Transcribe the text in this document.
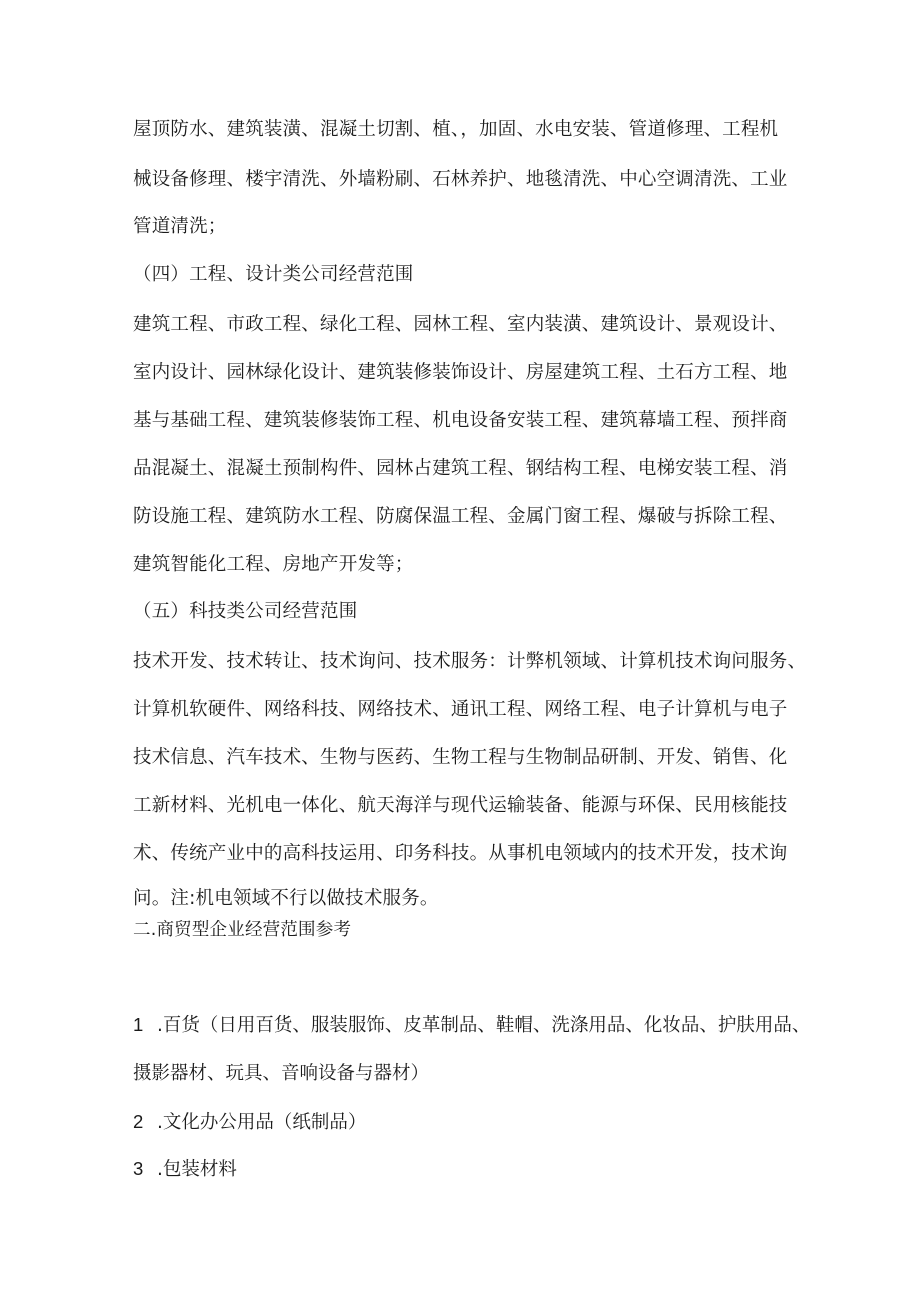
屋顶防水、建筑装潢、混凝土切割、植、，加固、水电安装、管道修理、工程机
械设备修理、楼宇清洗、外墙粉刷、石林养护、地毯清洗、中心空调清洗、工业
管道清洗；
（四）工程、设计类公司经营范围
建筑工程、市政工程、绿化工程、园林工程、室内装潢、建筑设计、景观设计、
室内设计、园林绿化设计、建筑装修装饰设计、房屋建筑工程、土石方工程、地
基与基础工程、建筑装修装饰工程、机电设备安装工程、建筑幕墙工程、预拌商
品混凝土、混凝土预制构件、园林占建筑工程、钢结构工程、电梯安装工程、消
防设施工程、建筑防水工程、防腐保温工程、金属门窗工程、爆破与拆除工程、
建筑智能化工程、房地产开发等；
（五）科技类公司经营范围
技术开发、技术转让、技术询问、技术服务：计弊机领域、计算机技术询问服务、
计算机软硬件、网络科技、网络技术、通讯工程、网络工程、电子计算机与电子
技术信息、汽车技术、生物与医药、生物工程与生物制品研制、开发、销售、化
工新材料、光机电一体化、航天海洋与现代运输装备、能源与环保、民用核能技
术、传统产业中的高科技运用、印务科技。从事机电领域内的技术开发，技术询
问。注:机电领域不行以做技术服务。
二.商贸型企业经营范围参考
1 .百货（日用百货、服装服饰、皮革制品、鞋帽、洗涤用品、化妆品、护肤用品、
摄影器材、玩具、音响设备与器材）
2 .文化办公用品（纸制品）
3 .包装材料
